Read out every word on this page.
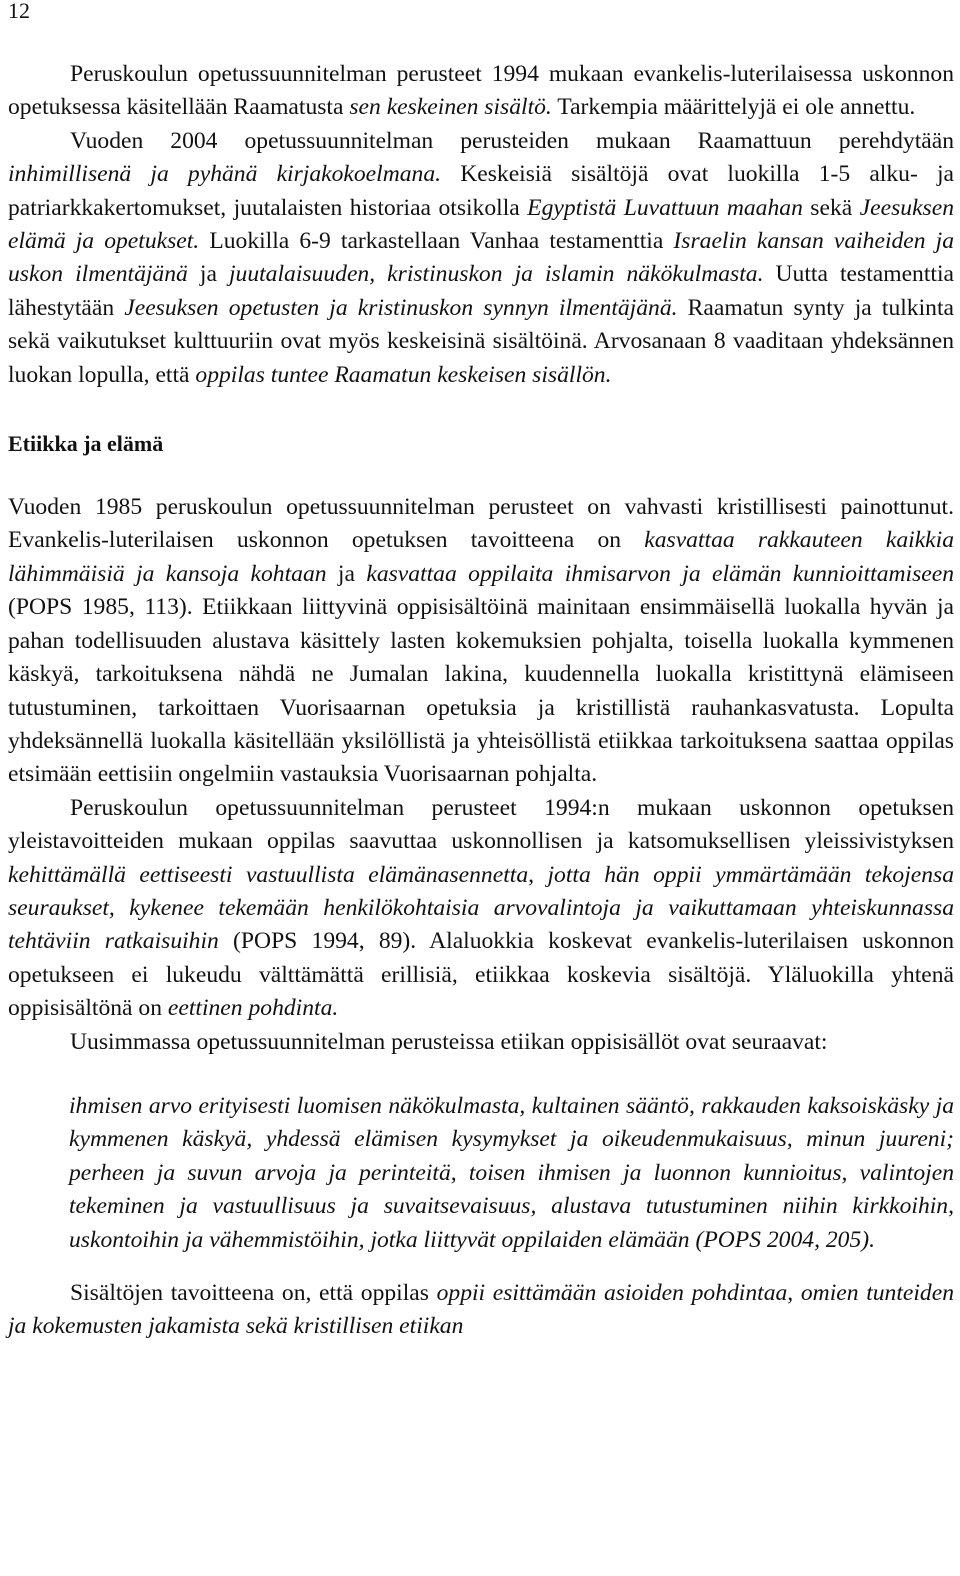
12

Peruskoulun opetussuunnitelman perusteet 1994 mukaan evankelis-luterilaisessa uskonnon opetuksessa käsitellään Raamatusta sen keskeinen sisältö. Tarkempia määrittelyjä ei ole annettu.

Vuoden 2004 opetussuunnitelman perusteiden mukaan Raamattuun perehdytään inhimillisenä ja pyhänä kirjakokoelmana. Keskeisiä sisältöjä ovat luokilla 1-5 alku- ja patriarkkakertomukset, juutalaisten historiaa otsikolla Egyptistä Luvattuun maahan sekä Jeesuksen elämä ja opetukset. Luokilla 6-9 tarkastellaan Vanhaa testamenttia Israelin kansan vaiheiden ja uskon ilmentäjänä ja juutalaisuuden, kristinuskon ja islamin näkökulmasta. Uutta testamenttia lähestytään Jeesuksen opetusten ja kristinuskon synnyn ilmentäjänä. Raamatun synty ja tulkinta sekä vaikutukset kulttuuriin ovat myös keskeisinä sisältöinä. Arvosanaan 8 vaaditaan yhdeksännen luokan lopulla, että oppilas tuntee Raamatun keskeisen sisällön.

Etiikka ja elämä

Vuoden 1985 peruskoulun opetussuunnitelman perusteet on vahvasti kristillisesti painottunut. Evankelis-luterilaisen uskonnon opetuksen tavoitteena on kasvattaa rakkauteen kaikkia lähimmäisiä ja kansoja kohtaan ja kasvattaa oppilaita ihmisarvon ja elämän kunnioittamiseen (POPS 1985, 113). Etiikkaan liittyvinä oppisisältöinä mainitaan ensimmäisellä luokalla hyvän ja pahan todellisuuden alustava käsittely lasten kokemuksien pohjalta, toisella luokalla kymmenen käskyä, tarkoituksena nähdä ne Jumalan lakina, kuudennella luokalla kristittynä elämiseen tutustuminen, tarkoittaen Vuorisaarnan opetuksia ja kristillistä rauhankasvatusta. Lopulta yhdeksännellä luokalla käsitellään yksilöllistä ja yhteisöllistä etiikkaa tarkoituksena saattaa oppilas etsimään eettisiin ongelmiin vastauksia Vuorisaarnan pohjalta.

Peruskoulun opetussuunnitelman perusteet 1994:n mukaan uskonnon opetuksen yleistavoitteiden mukaan oppilas saavuttaa uskonnollisen ja katsomuksellisen yleissivistyksen kehittämällä eettiseesti vastuullista elämänasennetta, jotta hän oppii ymmärtämään tekojensa seuraukset, kykenee tekemään henkilökohtaisia arvovalintoja ja vaikuttamaan yhteiskunnassa tehtäviin ratkaisuihin (POPS 1994, 89). Alaluokkia koskevat evankelis-luterilaisen uskonnon opetukseen ei lukeudu välttämättä erillisiä, etiikkaa koskevia sisältöjä. Yläluokilla yhtenä oppisisältönä on eettinen pohdinta.

Uusimmassa opetussuunnitelman perusteissa etiikan oppisisällöt ovat seuraavat:

ihmisen arvo erityisesti luomisen näkökulmasta, kultainen sääntö, rakkauden kaksoiskäsky ja kymmenen käskyä, yhdessä elämisen kysymykset ja oikeudenmukaisuus, minun juureni; perheen ja suvun arvoja ja perinteitä, toisen ihmisen ja luonnon kunnioitus, valintojen tekeminen ja vastuullisuus ja suvaitsevaisuus, alustava tutustuminen niihin kirkkoihin, uskontoihin ja vähemmistöihin, jotka liittyvät oppilaiden elämään (POPS 2004, 205).

Sisältöjen tavoitteena on, että oppilas oppii esittämään asioiden pohdintaa, omien tunteiden ja kokemusten jakamista sekä kristillisen etiikan
